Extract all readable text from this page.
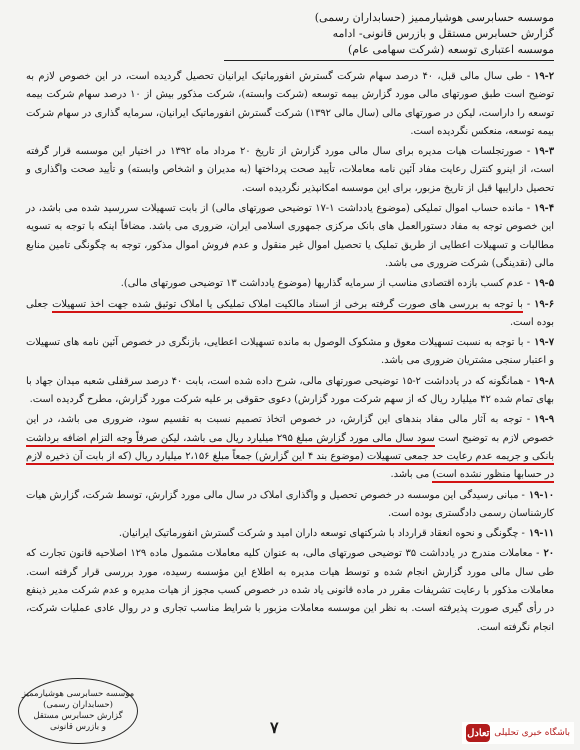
موسسه حسابرسی هوشیارممیز (حسابداران رسمی)
گزارش حسابرس مستقل و بازرس قانونی- ادامه
موسسه اعتباری توسعه (شرکت سهامی عام)
۱۹-۲- طی سال مالی قبل، ۴۰ درصد سهام شرکت گسترش انفورماتیک ایرانیان تحصیل گردیده است، در این خصوص لازم به توضیح است طبق صورتهای مالی مورد گزارش بیمه توسعه (شرکت وابسته)، شرکت مذکور بیش از ۱۰ درصد سهام شرکت بیمه توسعه را داراست، لیکن در صورتهای مالی (سال مالی ۱۳۹۲) شرکت گسترش انفورماتیک ایرانیان، سرمایه گذاری در سهام شرکت بیمه توسعه، منعکس نگردیده است.
۱۹-۳- صورتجلسات هیات مدیره برای سال مالی مورد گزارش از تاریخ ۲۰ مرداد ماه ۱۳۹۲ در اختیار این موسسه قرار گرفته است، از اینرو کنترل رعایت مفاد آئین نامه معاملات، تأیید صحت پرداختها (به مدیران و اشخاص وابسته) و تأیید صحت واگذاری و تحصیل داراییها قبل از تاریخ مزبور، برای این موسسه امکانپذیر نگردیده است.
۱۹-۴- مانده حساب اموال تملیکی (موضوع یادداشت ۱-۱۷ توضیحی صورتهای مالی) از بابت تسهیلات سررسید شده می باشد، در این خصوص توجه به مفاد دستورالعمل های بانک مرکزی جمهوری اسلامی ایران، ضروری می باشد. مضافاً اینکه با توجه به تسویه مطالبات و تسهیلات اعطایی از طریق تملیک یا تحصیل اموال غیر منقول و عدم فروش اموال مذکور، توجه به چگونگی تامین منابع مالی (نقدینگی) شرکت ضروری می باشد.
۱۹-۵- عدم کسب بازده اقتصادی مناسب از سرمایه گذاریها (موضوع یادداشت ۱۳ توضیحی صورتهای مالی).
۱۹-۶- با توجه به بررسی های صورت گرفته برخی از اسناد مالکیت املاک تملیکی یا املاک توثیق شده جهت اخذ تسهیلات جعلی بوده است.
۱۹-۷- با توجه به نسبت تسهیلات معوق و مشکوک الوصول به مانده تسهیلات اعطایی، بازنگری در خصوص آئین نامه های تسهیلات و اعتبار سنجی مشتریان ضروری می باشد.
۱۹-۸- همانگونه که در یادداشت ۲-۱۵ توضیحی صورتهای مالی، شرح داده شده است، بابت ۴۰ درصد سرقفلی شعبه میدان جهاد با بهای تمام شده ۴۲ میلیارد ریال که از سهم شرکت مورد گزارش) دعوی حقوقی بر علیه شرکت مورد گزارش، مطرح گردیده است.
۱۹-۹- توجه به آثار مالی مفاد بندهای این گزارش، در خصوص اتخاذ تصمیم نسبت به تقسیم سود، ضروری می باشد، در این خصوص لازم به توضیح است سود سال مالی مورد گزارش مبلغ ۲۹۵ میلیارد ریال می باشد، لیکن صرفاً وجه التزام اضافه برداشت بانکی و جریمه عدم رعایت حد جمعی تسهیلات (موضوع بند ۴ این گزارش) جمعاً مبلغ ۲،۱۵۶ میلیارد ریال (که از بابت آن ذخیره لازم در حسابها منظور نشده است) می باشد.
۱۹-۱۰- مبانی رسیدگی این موسسه در خصوص تحصیل و واگذاری املاک در سال مالی مورد گزارش، توسط شرکت، گزارش هیات کارشناسان رسمی دادگستری بوده است.
۱۹-۱۱- چگونگی و نحوه انعقاد قرارداد با شرکتهای توسعه داران امید و شرکت گسترش انفورماتیک ایرانیان.
۲۰- معاملات مندرج در یادداشت ۳۵ توضیحی صورتهای مالی، به عنوان کلیه معاملات مشمول ماده ۱۲۹ اصلاحیه قانون تجارت که طی سال مالی مورد گزارش انجام شده و توسط هیات مدیره به اطلاع این مؤسسه رسیده، مورد بررسی قرار گرفته است. معاملات مذکور با رعایت تشریفات مقرر در ماده قانونی یاد شده در خصوص کسب مجوز از هیات مدیره و عدم شرکت مدیر ذینفع در رأی گیری صورت پذیرفته است. به نظر این موسسه معاملات مزبور با شرایط مناسب تجاری و در روال عادی عملیات شرکت، انجام نگرفته است.
موسسه حسابرسی هوشیارممیز
(حسابداران رسمی)
گزارش حسابرس مستقل
و بازرس قانونی	۷	باشگاه خبری تحلیلی
تعادل
